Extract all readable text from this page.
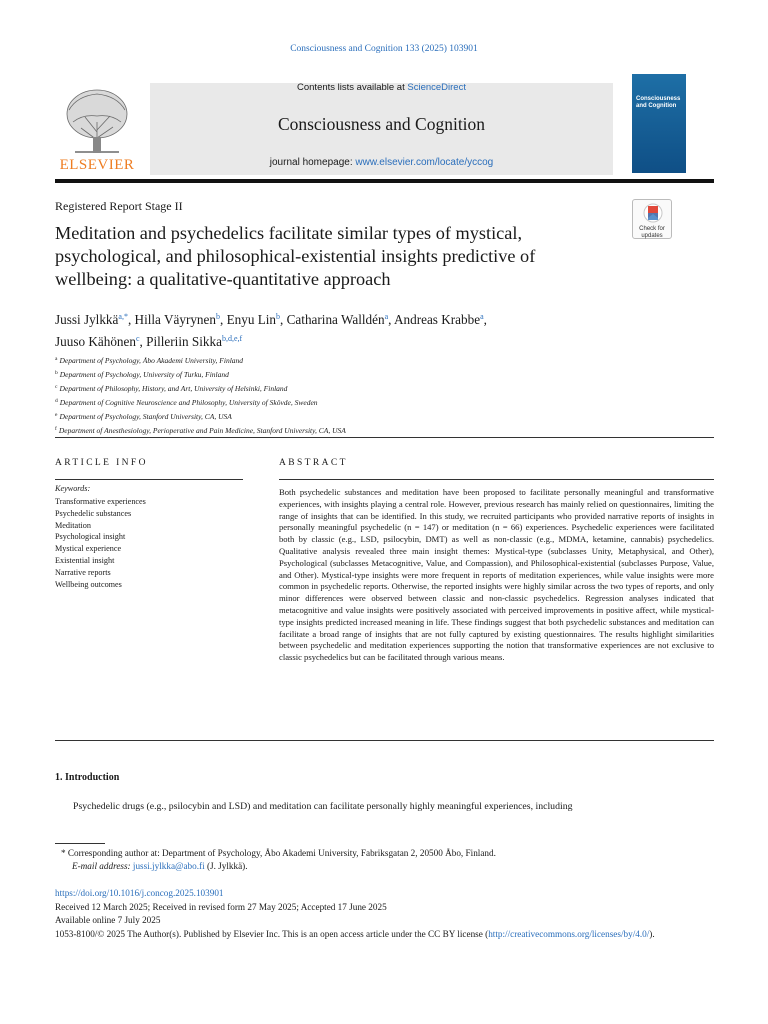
Consciousness and Cognition 133 (2025) 103901
ELSEVIER
Contents lists available at ScienceDirect
Consciousness and Cognition
journal homepage: www.elsevier.com/locate/yccog
Consciousness and Cognition
Registered Report Stage II
Check for updates
Meditation and psychedelics facilitate similar types of mystical, psychological, and philosophical-existential insights predictive of wellbeing: a qualitative-quantitative approach
Jussi Jylkkä$^{a,*}$, Hilla Väyrynen$^b$, Enyu Lin$^b$, Catharina Walldén$^a$, Andreas Krabbe$^a$,
Juuso Kähönen$^c$, Pilleriin Sikka$^{b,d,e,f}$
$^a$ Department of Psychology, Åbo Akademi University, Finland
$^b$ Department of Psychology, University of Turku, Finland
$^c$ Department of Philosophy, History, and Art, University of Helsinki, Finland
$^d$ Department of Cognitive Neuroscience and Philosophy, University of Skövde, Sweden
$^e$ Department of Psychology, Stanford University, CA, USA
$^f$ Department of Anesthesiology, Perioperative and Pain Medicine, Stanford University, CA, USA
ARTICLE INFO
Keywords:
Transformative experiences
Psychedelic substances
Meditation
Psychological insight
Mystical experience
Existential insight
Narrative reports
Wellbeing outcomes
ABSTRACT

Both psychedelic substances and meditation have been proposed to facilitate personally meaningful and transformative experiences, with insights playing a central role. However, previous research has mainly relied on questionnaires, limiting the range of insights that can be identified. In this study, we recruited participants who provided narrative reports of insights in personally meaningful psychedelic (n = 147) or meditation (n = 66) experiences. Psychedelic experiences were facilitated both by classic (e.g., LSD, psilocybin, DMT) as well as non-classic (e.g., MDMA, ketamine, cannabis) psychedelics. Qualitative analysis revealed three main insight themes: Mystical-type (subclasses Unity, Metaphysical, and Other), Psychological (subclasses Metacognitive, Value, and Compassion), and Philosophical-existential (subclasses Purpose, Value, and Other). Mystical-type insights were more frequent in reports of meditation experiences, while value insights were more common in psychedelic reports. Otherwise, the reported insights were highly similar across the two types of reports, and only minor differences were observed between classic and non-classic psychedelics. Regression analyses indicated that metacognitive and value insights were positively associated with perceived improvements in positive affect, while mystical-type insights predicted increased meaning in life. These findings suggest that both psychedelic substances and meditation can facilitate a broad range of insights that are not fully captured by existing questionnaires. The results highlight similarities between psychedelic and meditation experiences supporting the notion that transformative experiences are not exclusive to classic psychedelics but can be facilitated through various means.

1. Introduction
Psychedelic drugs (e.g., psilocybin and LSD) and meditation can facilitate personally highly meaningful experiences, including
* Corresponding author at: Department of Psychology, Åbo Akademi University, Fabriksgatan 2, 20500 Åbo, Finland.
E-mail address: jussi.jylkka@abo.fi (J. Jylkkä).
https://doi.org/10.1016/j.concog.2025.103901
Received 12 March 2025; Received in revised form 27 May 2025; Accepted 17 June 2025
Available online 7 July 2025
1053-8100/© 2025 The Author(s). Published by Elsevier Inc. This is an open access article under the CC BY license (http://creativecommons.org/licenses/by/4.0/).
